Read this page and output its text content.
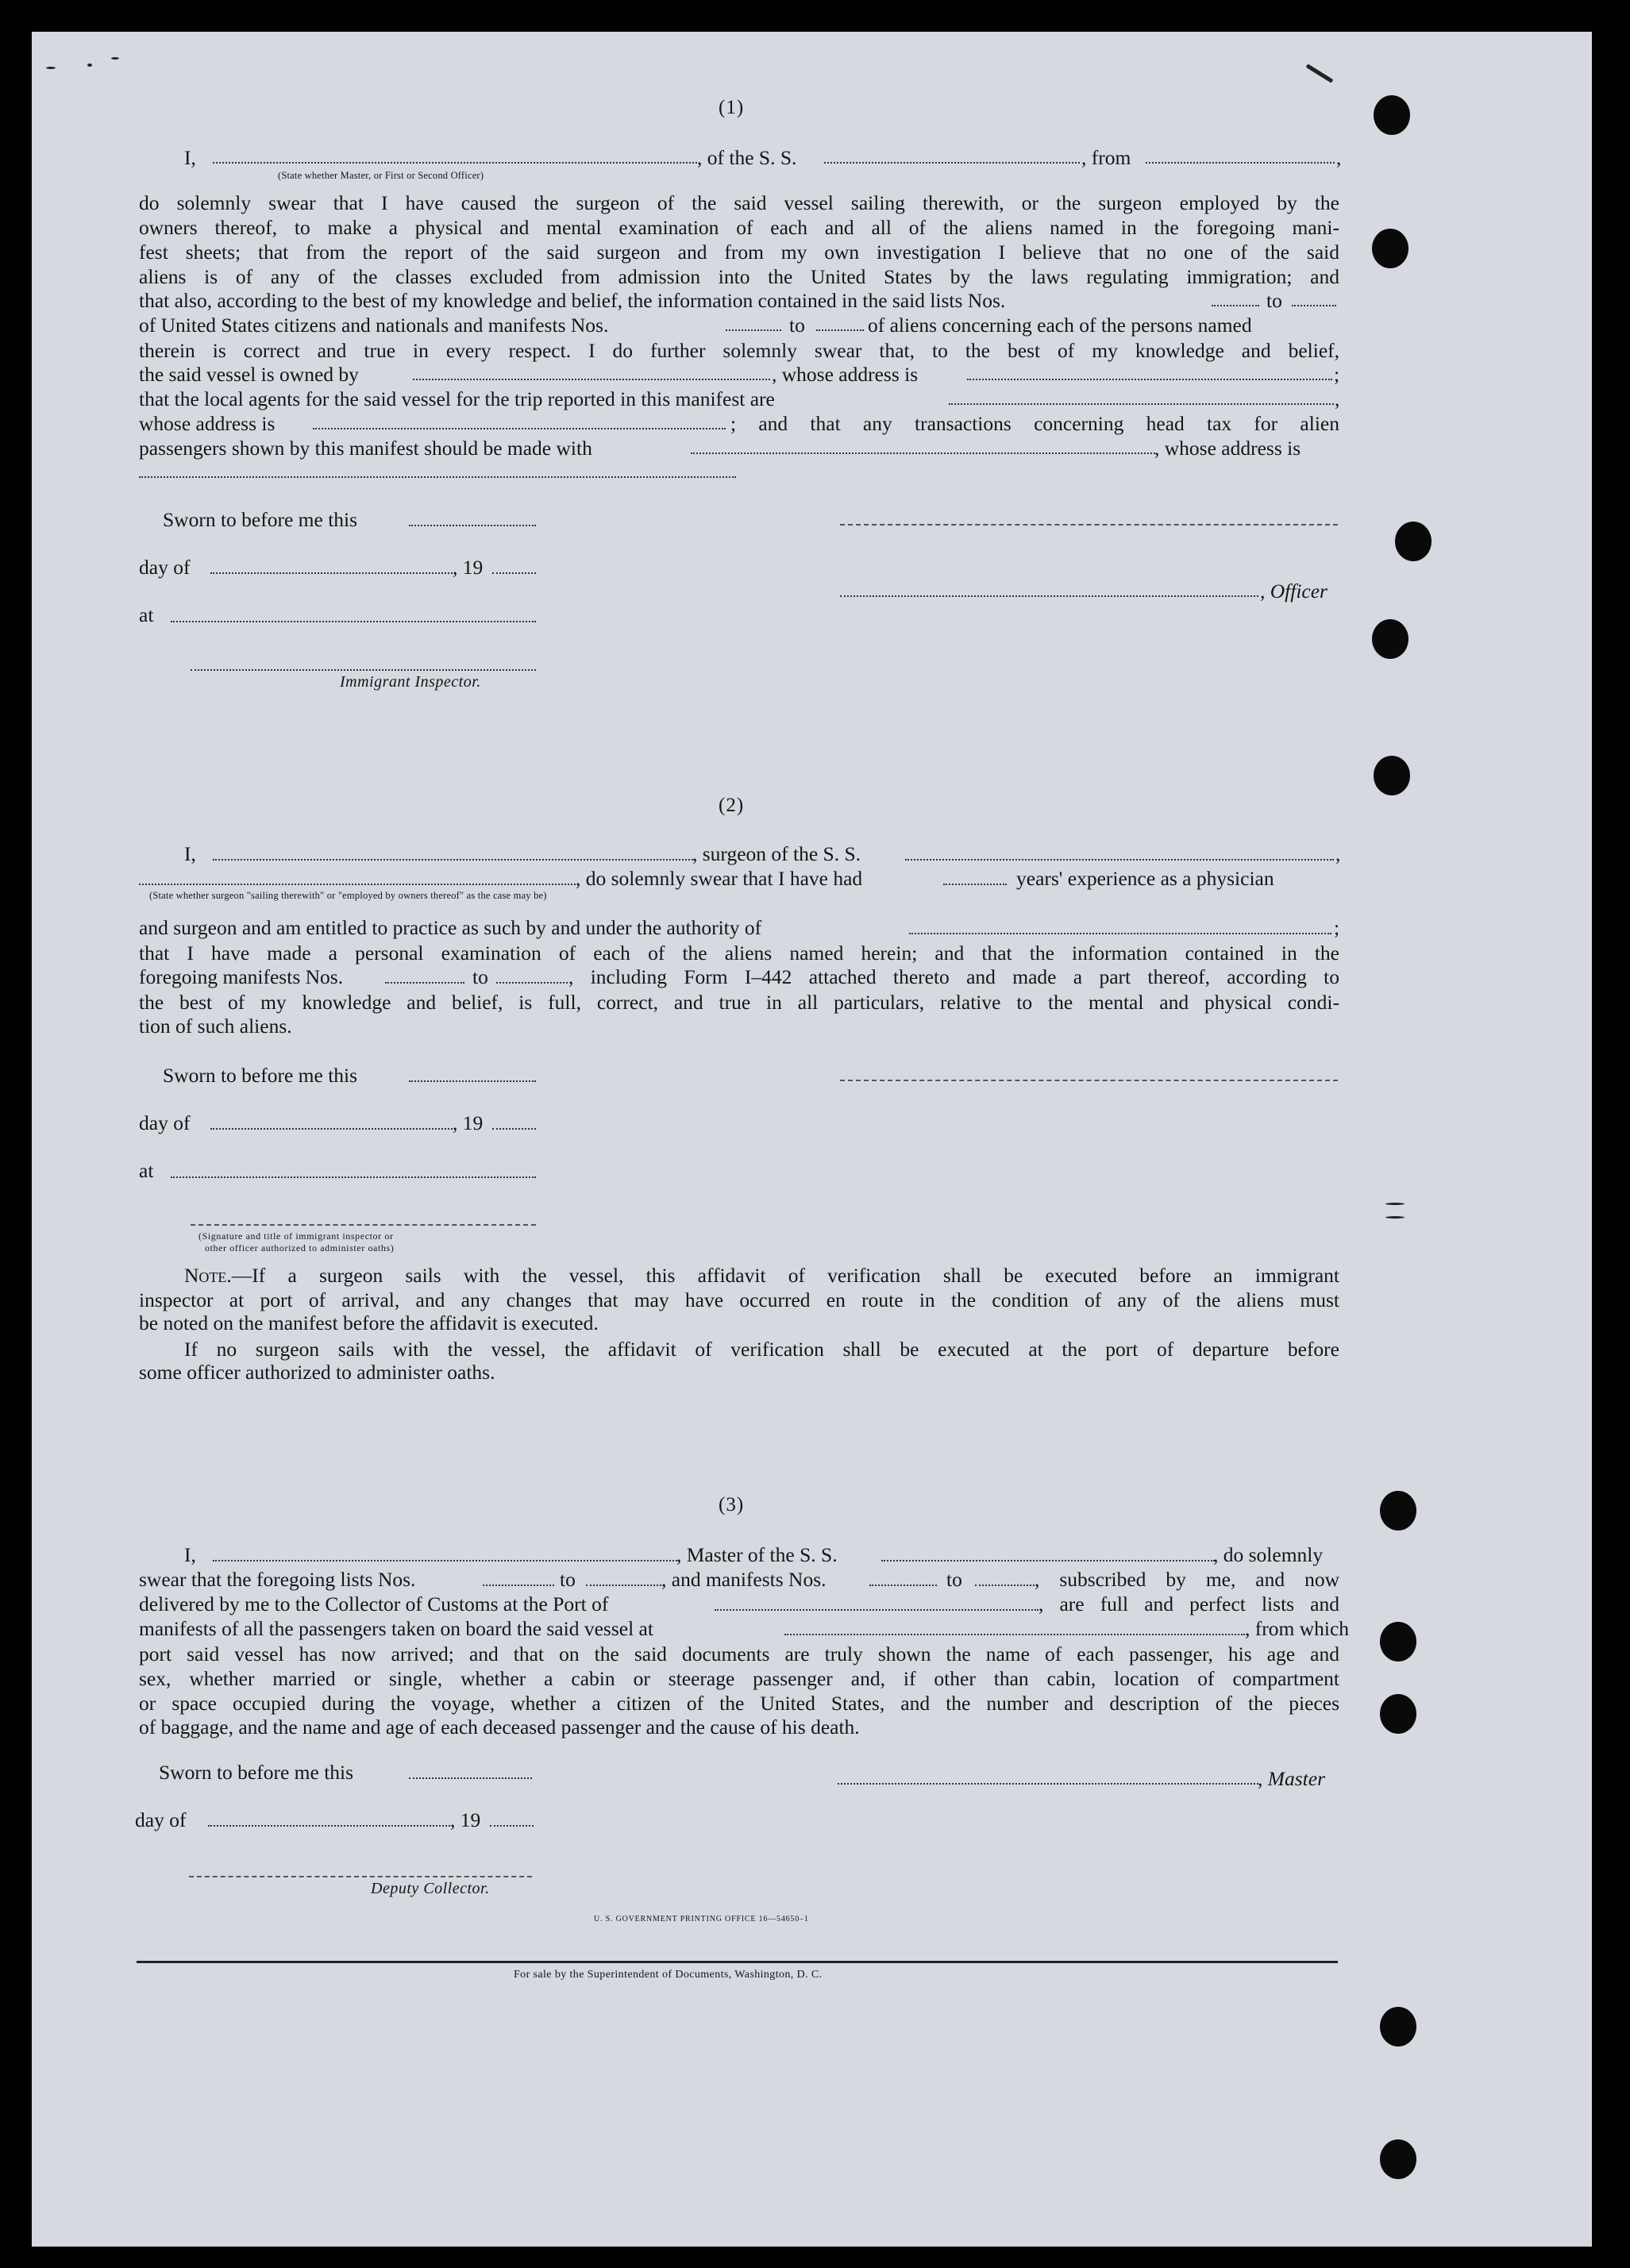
(1)
I,	, of the S. S.	, from	,
(State whether Master, or First or Second Officer)
do solemnly swear that I have caused the surgeon of the said vessel sailing therewith, or the surgeon employed by the
owners thereof, to make a physical and mental examination of each and all of the aliens named in the foregoing mani-
fest sheets; that from the report of the said surgeon and from my own investigation I believe that no one of the said
aliens is of any of the classes excluded from admission into the United States by the laws regulating immigration; and
that also, according to the best of my knowledge and belief, the information contained in the said lists Nos.	to
of United States citizens and nationals and manifests Nos.	to	of aliens concerning each of the persons named
therein is correct and true in every respect. I do further solemnly swear that, to the best of my knowledge and belief,
the said vessel is owned by	, whose address is	;
that the local agents for the said vessel for the trip reported in this manifest are	,
whose address is	; and that any transactions concerning head tax for alien
passengers shown by this manifest should be made with	, whose address is
Sworn to before me this
day of	, 19
, Officer
at
Immigrant Inspector.
(2)
I,	, surgeon of the S. S.	,
, do solemnly swear that I have had	years' experience as a physician
(State whether surgeon "sailing therewith" or "employed by owners thereof" as the case may be)
and surgeon and am entitled to practice as such by and under the authority of	;
that I have made a personal examination of each of the aliens named herein; and that the information contained in the
foregoing manifests Nos.	to	, including Form I–442 attached thereto and made a part thereof, according to
the best of my knowledge and belief, is full, correct, and true in all particulars, relative to the mental and physical condi-
tion of such aliens.
Sworn to before me this
day of	, 19
at
(Signature and title of immigrant inspector or
other officer authorized to administer oaths)
Note.—If a surgeon sails with the vessel, this affidavit of verification shall be executed before an immigrant
inspector at port of arrival, and any changes that may have occurred en route in the condition of any of the aliens must
be noted on the manifest before the affidavit is executed.
If no surgeon sails with the vessel, the affidavit of verification shall be executed at the port of departure before
some officer authorized to administer oaths.
(3)
I,	, Master of the S. S.	, do solemnly
swear that the foregoing lists Nos.	to	, and manifests Nos.	to	, subscribed by me, and now
delivered by me to the Collector of Customs at the Port of	, are full and perfect lists and
manifests of all the passengers taken on board the said vessel at	, from which
port said vessel has now arrived; and that on the said documents are truly shown the name of each passenger, his age and
sex, whether married or single, whether a cabin or steerage passenger and, if other than cabin, location of compartment
or space occupied during the voyage, whether a citizen of the United States, and the number and description of the pieces
of baggage, and the name and age of each deceased passenger and the cause of his death.
Sworn to before me this	, Master
day of	, 19
Deputy Collector.
U. S. GOVERNMENT PRINTING OFFICE 16—54650–1
For sale by the Superintendent of Documents, Washington, D. C.
